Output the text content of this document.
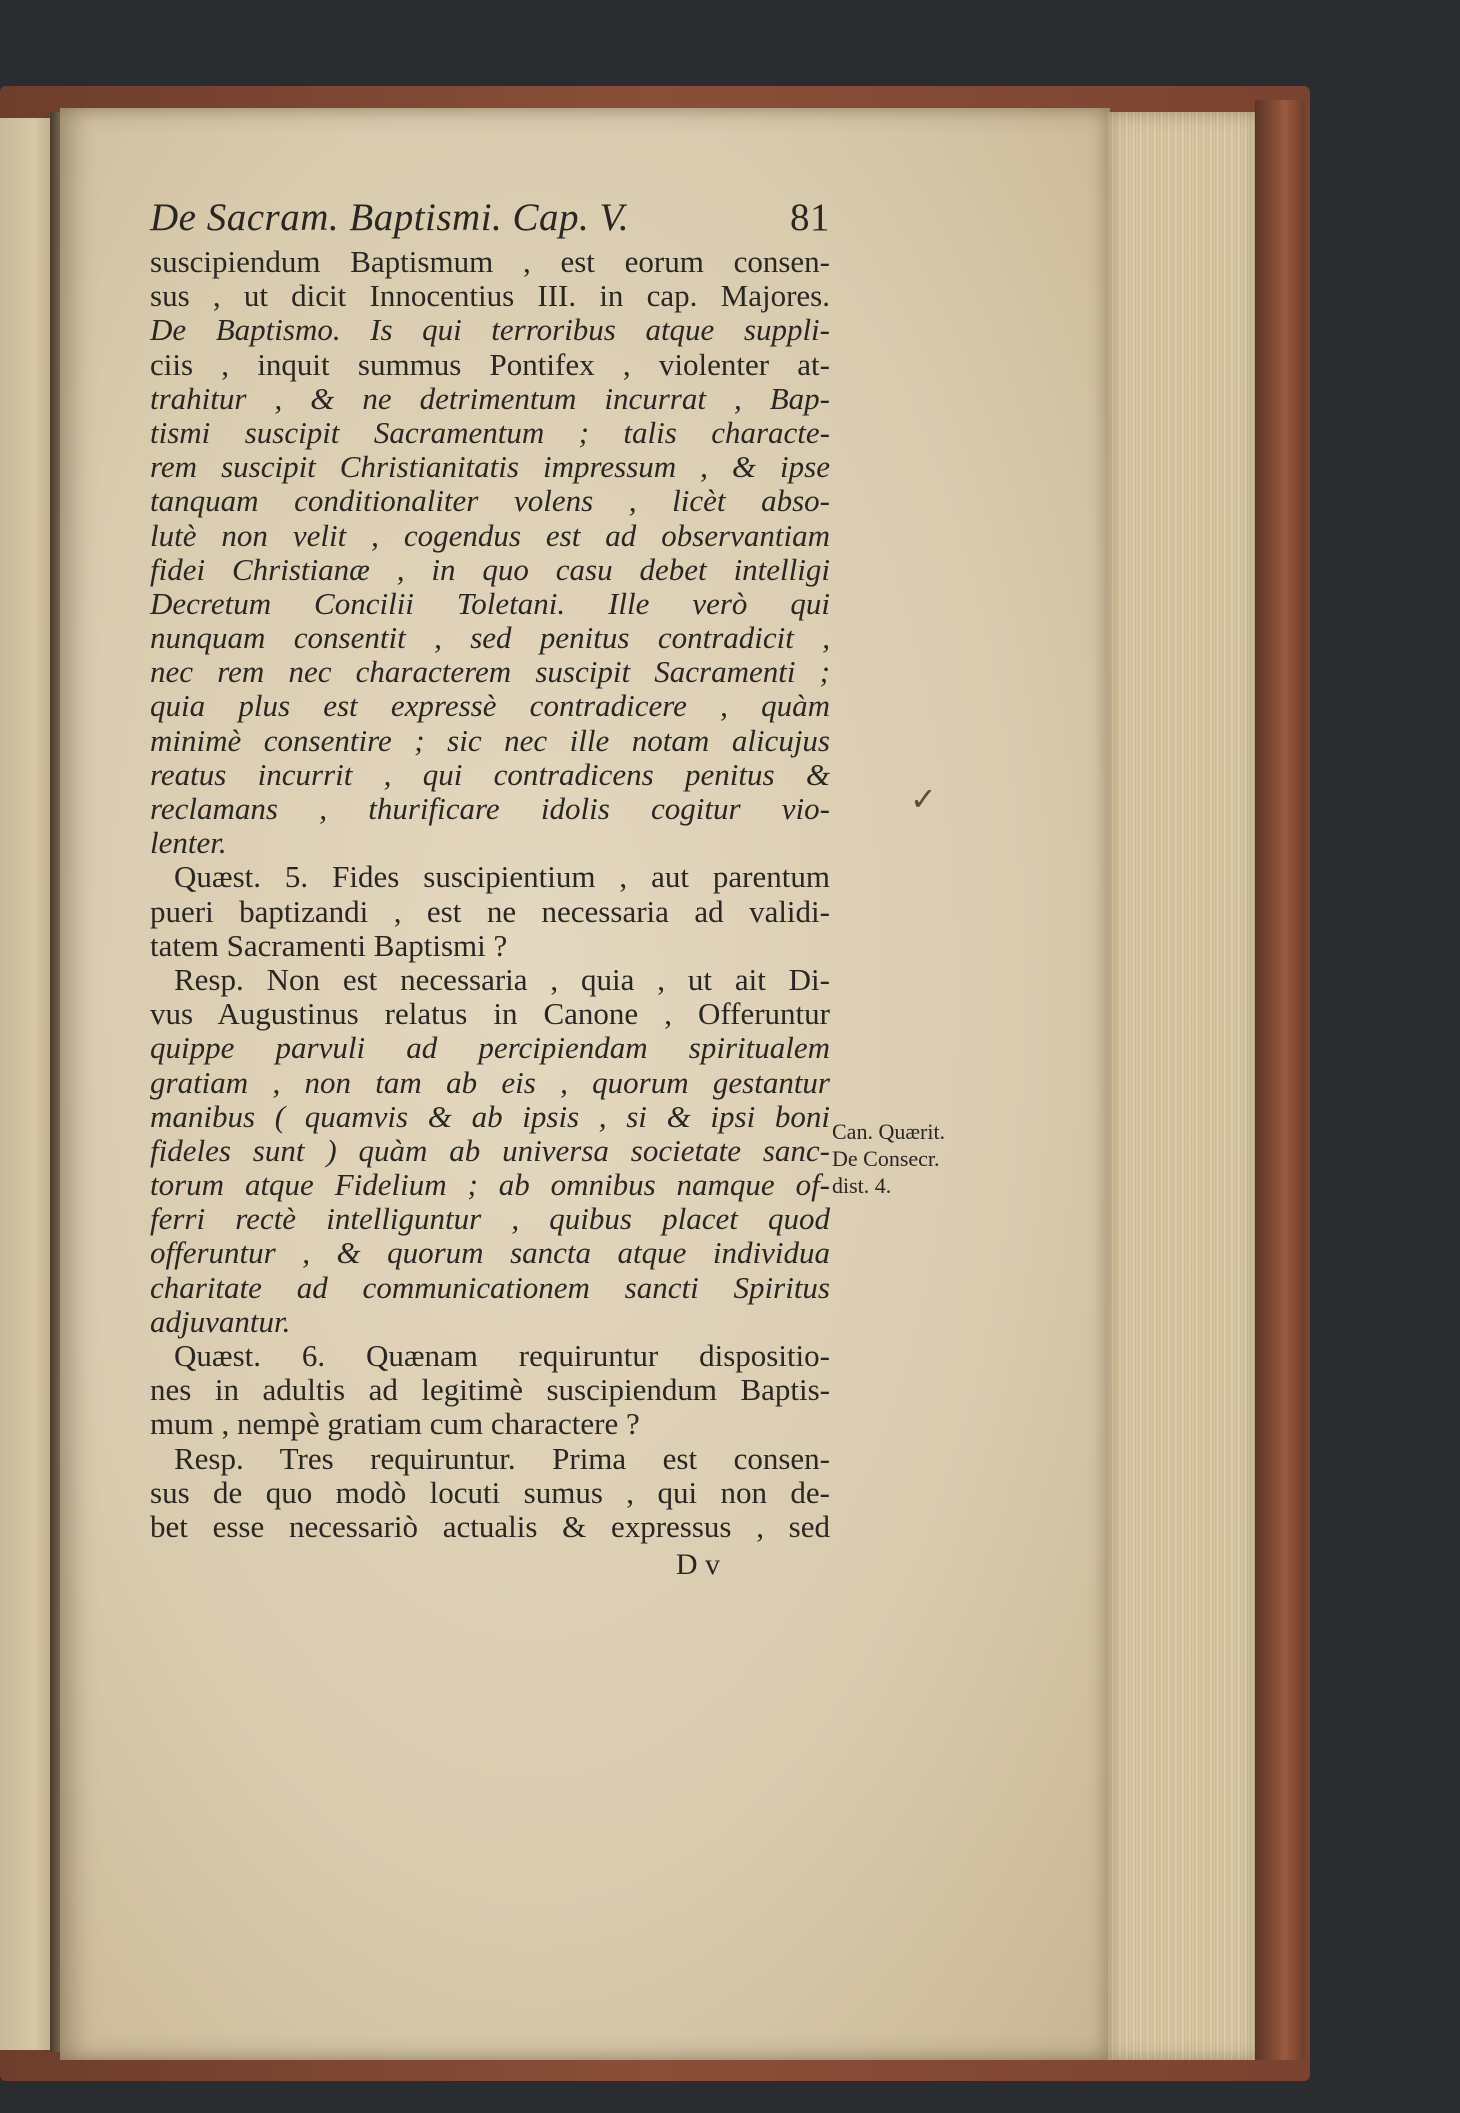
De Sacram. Baptismi. Cap. V.	81
suscipiendum Baptismum , est eorum consen-
sus , ut dicit Innocentius III. in cap. Majores.
De Baptismo. Is qui terroribus atque suppli-
ciis , inquit summus Pontifex , violenter at-
trahitur , & ne detrimentum incurrat , Bap-
tismi suscipit Sacramentum ; talis characte-
rem suscipit Christianitatis impressum , & ipse
tanquam conditionaliter volens , licèt abso-
lutè non velit , cogendus est ad observantiam
fidei Christianæ , in quo casu debet intelligi
Decretum Concilii Toletani. Ille verò qui
nunquam consentit , sed penitus contradicit ,
nec rem nec characterem suscipit Sacramenti ;
quia plus est expressè contradicere , quàm
minimè consentire ; sic nec ille notam alicujus
reatus incurrit , qui contradicens penitus &
reclamans , thurificare idolis cogitur vio-
lenter.
Quæst. 5. Fides suscipientium , aut parentum
pueri baptizandi , est ne necessaria ad validi-
tatem Sacramenti Baptismi ?
Resp. Non est necessaria , quia , ut ait Di-
vus Augustinus relatus in Canone , Offeruntur
quippe parvuli ad percipiendam spiritualem
gratiam , non tam ab eis , quorum gestantur
manibus ( quamvis & ab ipsis , si & ipsi boni
fideles sunt ) quàm ab universa societate sanc-
torum atque Fidelium ; ab omnibus namque of-
ferri rectè intelliguntur , quibus placet quod
offeruntur , & quorum sancta atque individua
charitate ad communicationem sancti Spiritus
adjuvantur.
Quæst. 6. Quænam requiruntur dispositio-
nes in adultis ad legitimè suscipiendum Baptis-
mum , nempè gratiam cum charactere ?
Resp. Tres requiruntur. Prima est consen-
sus de quo modò locuti sumus , qui non de-
bet esse necessariò actualis & expressus , sed
D v
Can. Quærit.
De Consecr.
dist. 4.
✓
